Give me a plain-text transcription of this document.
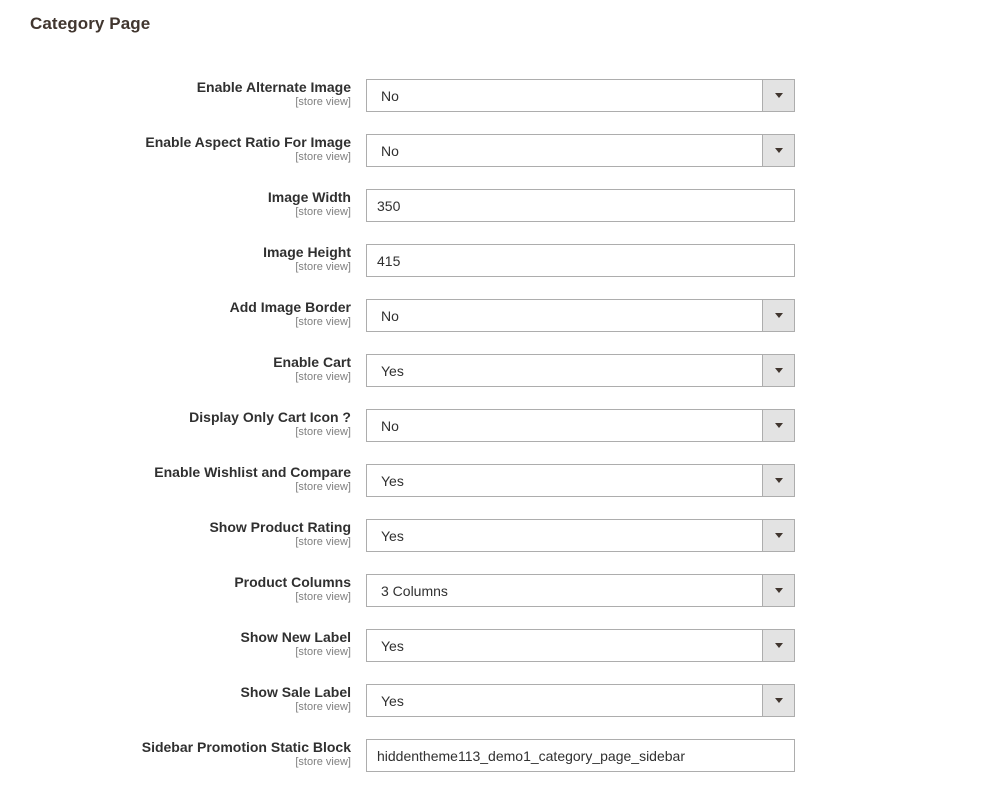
Category Page
Enable Alternate Image
[store view] No
Enable Aspect Ratio For Image
[store view] No
Image Width
[store view]
350
Image Height
[store view]
415
Add Image Border
[store view] No
Enable Cart
[store view] Yes
Display Only Cart Icon ?
[store view] No
Enable Wishlist and Compare
[store view] Yes
Show Product Rating
[store view] Yes
Product Columns
[store view] 3 Columns
Show New Label
[store view] Yes
Show Sale Label
[store view] Yes
Sidebar Promotion Static Block
[store view]
hiddentheme113_demo1_category_page_sidebar
